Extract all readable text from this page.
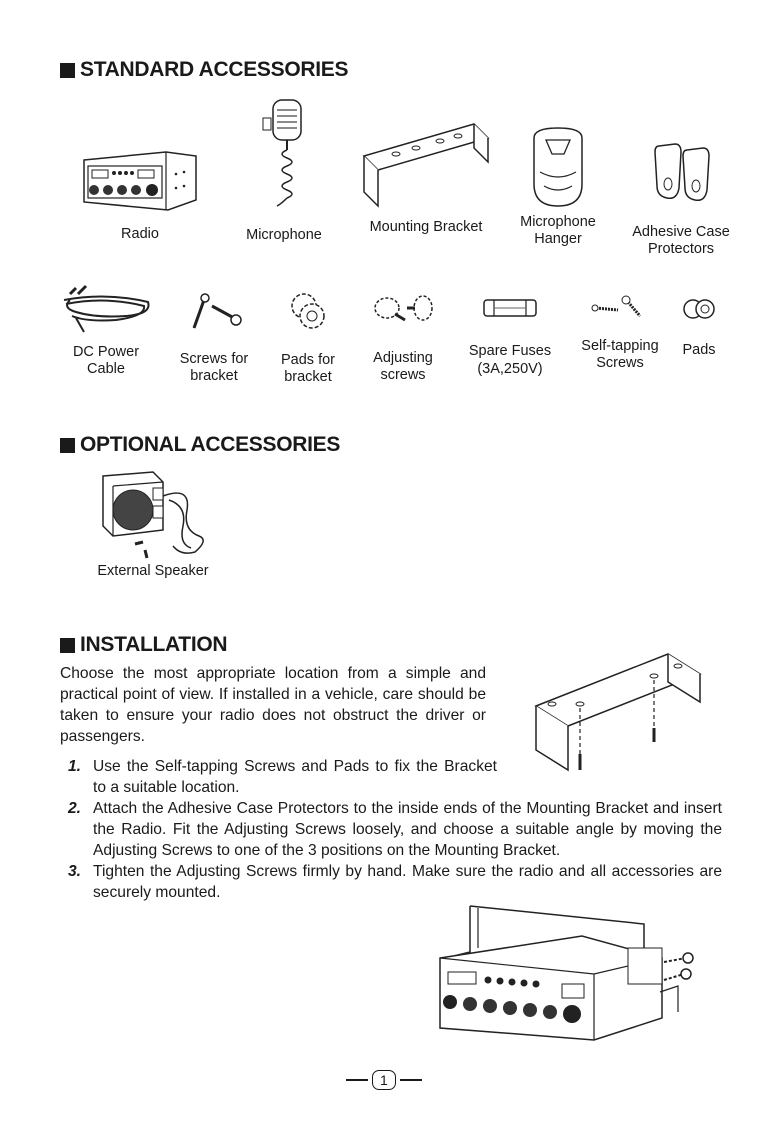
STANDARD ACCESSORIES
Radio	Microphone	Mounting Bracket	Microphone
Hanger	Adhesive Case
Protectors
DC Power
Cable
Screws for
bracket
Pads for
bracket
Adjusting
screws
Spare Fuses
(3A,250V)
Self-tapping
Screws
Pads
OPTIONAL ACCESSORIES
External Speaker
INSTALLATION

Choose the most appropriate location from a simple and practical point of view. If installed in a vehicle, care should be taken to ensure your radio does not obstruct the driver or passengers.

1. Use the Self-tapping Screws and Pads to fix the Bracket to a suitable location.
2. Attach the Adhesive Case Protectors to the inside ends of the Mounting Bracket and insert the Radio. Fit the Adjusting Screws loosely, and choose a suitable angle by moving the Adjusting Screws to one of the 3 positions on the Mounting Bracket.
3. Tighten the Adjusting Screws firmly by hand. Make sure the radio and all accessories are securely mounted.
1
